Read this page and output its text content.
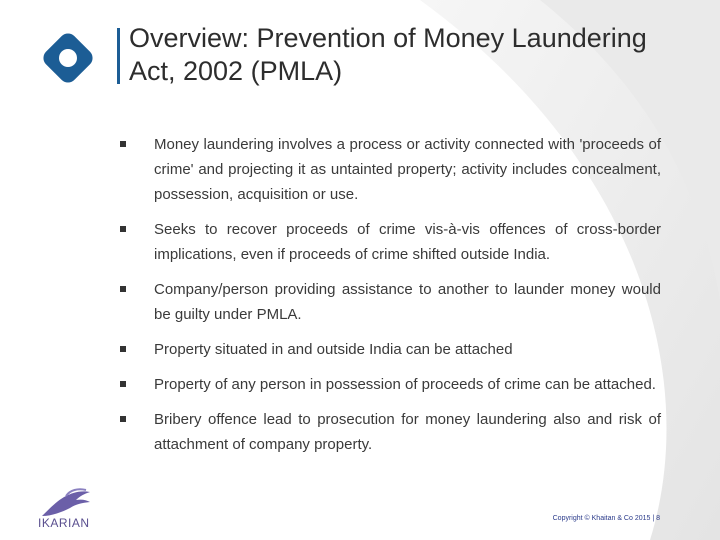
Overview: Prevention of Money Laundering Act, 2002 (PMLA)
Money laundering involves a process or activity connected with 'proceeds of crime' and projecting it as untainted property; activity includes concealment, possession, acquisition or use.
Seeks to recover proceeds of crime vis-à-vis offences of cross-border implications, even if proceeds of crime shifted outside India.
Company/person providing assistance to another to launder money would be guilty under PMLA.
Property situated in and outside India can be attached
Property of any person in possession of proceeds of crime can be attached.
Bribery offence lead to prosecution for money laundering also and risk of attachment of company property.
IKARIAN	Copyright © Khaitan & Co 2015 | 8
